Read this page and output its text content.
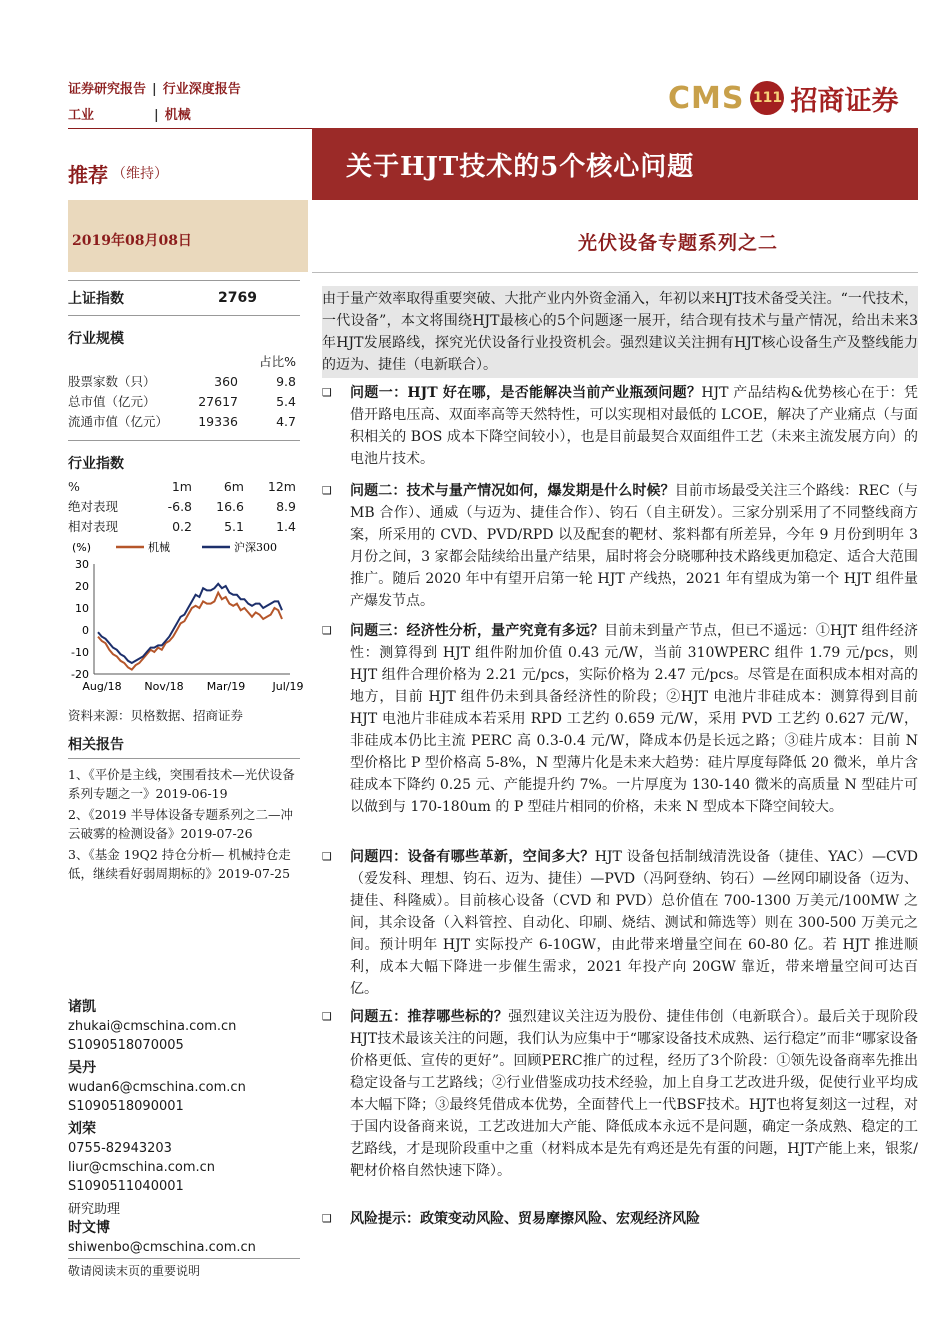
证券研究报告 | 行业深度报告
工业	| 机械	CMS 111 招商证券
推荐 （维持）	关于HJT技术的5个核心问题
2019年08月08日	光伏设备专题系列之二
上证指数	2769
行业规模
占比%
股票家数（只）	360	9.8
总市值（亿元）	27617	5.4
流通市值（亿元）	19336	4.7
行业指数
%	1m	6m	12m
绝对表现	-6.8	16.6	8.9
相对表现	0.2	5.1	1.4
(%)	机械	沪深300
30
20
10
0
-10
-20
Aug/18 Nov/18 Mar/19 Jul/19
资料来源：贝格数据、招商证券
相关报告
1、《平价是主线，突围看技术—光伏设备系列专题之一》2019-06-19
2、《2019 半导体设备专题系列之二—冲云破雾的检测设备》2019-07-26
3、《基金 19Q2 持仓分析— 机械持仓走低，继续看好弱周期标的》2019-07-25
诸凯
zhukai@cmschina.com.cn
S1090518070005
吴丹
wudan6@cmschina.com.cn
S1090518090001
刘荣
0755-82943203
liur@cmschina.com.cn
S1090511040001
研究助理
时文博
shiwenbo@cmschina.com.cn
敬请阅读末页的重要说明

由于量产效率取得重要突破、大批产业内外资金涌入，年初以来HJT技术备受关注。“一代技术，一代设备”，本文将围绕HJT最核心的5个问题逐一展开，结合现有技术与量产情况，给出未来3年HJT发展路线，探究光伏设备行业投资机会。强烈建议关注拥有HJT核心设备生产及整线能力的迈为、捷佳（电新联合）。

❑ 问题一：HJT 好在哪，是否能解决当前产业瓶颈问题？HJT 产品结构&优势核心在于：凭借开路电压高、双面率高等天然特性，可以实现相对最低的 LCOE，解决了产业痛点（与面积相关的 BOS 成本下降空间较小），也是目前最契合双面组件工艺（未来主流发展方向）的电池片技术。
❑ 问题二：技术与量产情况如何，爆发期是什么时候？目前市场最受关注三个路线：REC（与 MB 合作）、通威（与迈为、捷佳合作）、钧石（自主研发）。三家分别采用了不同整线商方案，所采用的 CVD、PVD/RPD 以及配套的靶材、浆料都有所差异，今年 9 月份到明年 3 月份之间，3 家都会陆续给出量产结果，届时将会分晓哪种技术路线更加稳定、适合大范围推广。随后 2020 年中有望开启第一轮 HJT 产线热，2021 年有望成为第一个 HJT 组件量产爆发节点。
❑ 问题三：经济性分析，量产究竟有多远？目前未到量产节点，但已不遥远：①HJT 组件经济性：测算得到 HJT 组件附加价值 0.43 元/W，当前 310WPERC 组件 1.79 元/pcs，则 HJT 组件合理价格为 2.21 元/pcs，实际价格为 2.47 元/pcs。尽管是在面积成本相对高的地方，目前 HJT 组件仍未到具备经济性的阶段；②HJT 电池片非硅成本：测算得到目前 HJT 电池片非硅成本若采用 RPD 工艺约 0.659 元/W，采用 PVD 工艺约 0.627 元/W，非硅成本仍比主流 PERC 高 0.3-0.4 元/W，降成本仍是长远之路；③硅片成本：目前 N 型价格比 P 型价格高 5-8%，N 型薄片化是未来大趋势：硅片厚度每降低 20 微米，单片含硅成本下降约 0.25 元、产能提升约 7%。一片厚度为 130-140 微米的高质量 N 型硅片可以做到与 170-180um 的 P 型硅片相同的价格，未来 N 型成本下降空间较大。
❑ 问题四：设备有哪些革新，空间多大？HJT 设备包括制绒清洗设备（捷佳、YAC）—CVD（爱发科、理想、钧石、迈为、捷佳）—PVD（冯阿登纳、钧石）—丝网印刷设备（迈为、捷佳、科隆威）。目前核心设备（CVD 和 PVD）总价值在 700-1300 万美元/100MW 之间，其余设备（入料管控、自动化、印刷、烧结、测试和筛选等）则在 300-500 万美元之间。预计明年 HJT 实际投产 6-10GW，由此带来增量空间在 60-80 亿。若 HJT 推进顺利，成本大幅下降进一步催生需求，2021 年投产向 20GW 靠近，带来增量空间可达百亿。
❑ 问题五：推荐哪些标的？强烈建议关注迈为股份、捷佳伟创（电新联合）。最后关于现阶段HJT技术最该关注的问题，我们认为应集中于“哪家设备技术成熟、运行稳定”而非“哪家设备价格更低、宣传的更好”。回顾PERC推广的过程，经历了3个阶段：①领先设备商率先推出稳定设备与工艺路线；②行业借鉴成功技术经验，加上自身工艺改进升级，促使行业平均成本大幅下降；③最终凭借成本优势，全面替代上一代BSF技术。HJT也将复刻这一过程，对于国内设备商来说，工艺改进加大产能、降低成本永远不是问题，确定一条成熟、稳定的工艺路线，才是现阶段重中之重（材料成本是先有鸡还是先有蛋的问题，HJT产能上来，银浆/靶材价格自然快速下降）。
❑ 风险提示：政策变动风险、贸易摩擦风险、宏观经济风险
